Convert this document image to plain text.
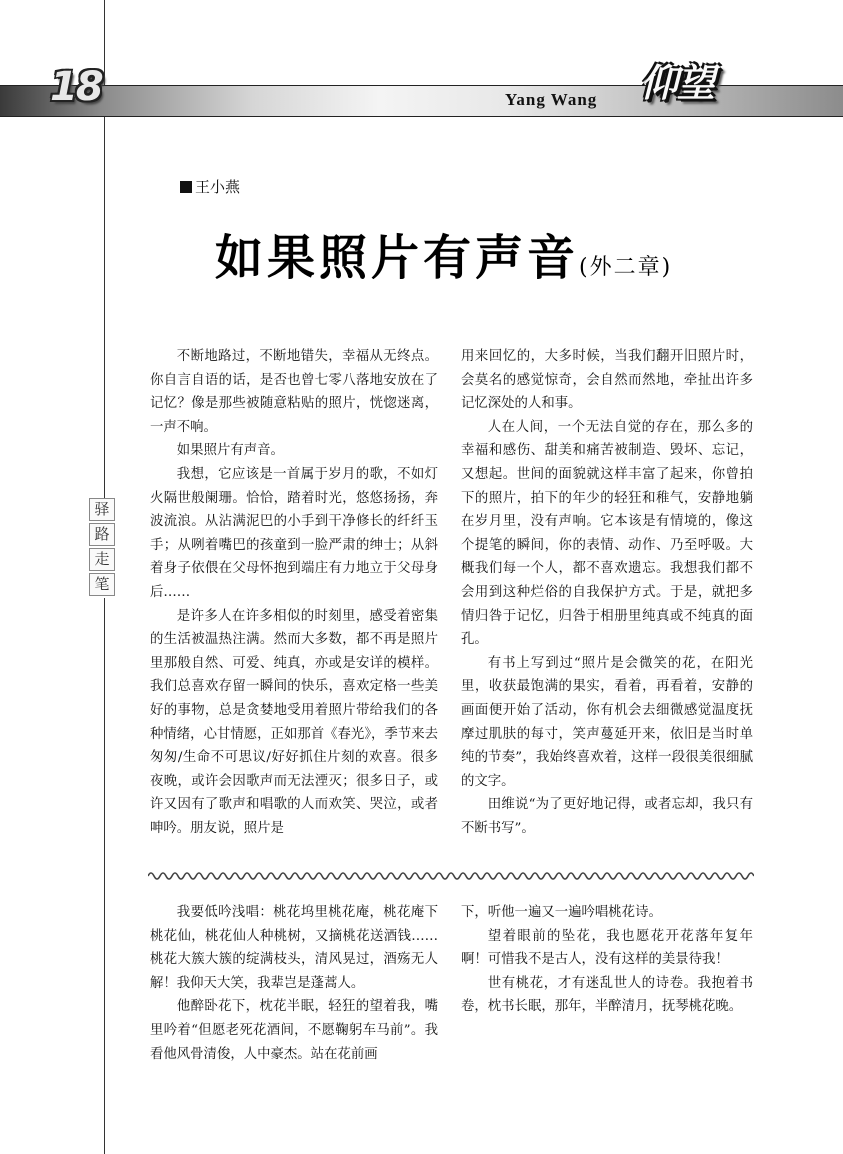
18	Yang Wang 仰望
王小燕
如果照片有声音(外二章)
驿
路
走
笔

不断地路过，不断地错失，幸福从无终点。你自言自语的话，是否也曾七零八落地安放在了记忆？像是那些被随意粘贴的照片，恍惚迷离，一声不响。

如果照片有声音。

我想，它应该是一首属于岁月的歌，不如灯火隔世般阑珊。恰恰，踏着时光，悠悠扬扬，奔波流浪。从沾满泥巴的小手到干净修长的纤纤玉手；从咧着嘴巴的孩童到一脸严肃的绅士；从斜着身子依偎在父母怀抱到端庄有力地立于父母身后……

是许多人在许多相似的时刻里，感受着密集的生活被温热注满。然而大多数，都不再是照片里那般自然、可爱、纯真，亦或是安详的模样。我们总喜欢存留一瞬间的快乐，喜欢定格一些美好的事物，总是贪婪地受用着照片带给我们的各种情绪，心甘情愿，正如那首《春光》，季节来去匆匆/生命不可思议/好好抓住片刻的欢喜。很多夜晚，或许会因歌声而无法湮灭；很多日子，或许又因有了歌声和唱歌的人而欢笑、哭泣，或者呻吟。朋友说，照片是

用来回忆的，大多时候，当我们翻开旧照片时，会莫名的感觉惊奇，会自然而然地，牵扯出许多记忆深处的人和事。

人在人间，一个无法自觉的存在，那么多的幸福和感伤、甜美和痛苦被制造、毁坏、忘记，又想起。世间的面貌就这样丰富了起来，你曾拍下的照片，拍下的年少的轻狂和稚气，安静地躺在岁月里，没有声响。它本该是有情境的，像这个提笔的瞬间，你的表情、动作、乃至呼吸。大概我们每一个人，都不喜欢遗忘。我想我们都不会用到这种烂俗的自我保护方式。于是，就把多情归咎于记忆，归咎于相册里纯真或不纯真的面孔。

有书上写到过“照片是会微笑的花，在阳光里，收获最饱满的果实，看着，再看着，安静的画面便开始了活动，你有机会去细微感觉温度抚摩过肌肤的每寸，笑声蔓延开来，依旧是当时单纯的节奏”，我始终喜欢着，这样一段很美很细腻的文字。

田维说“为了更好地记得，或者忘却，我只有不断书写”。

我要低吟浅唱：桃花坞里桃花庵，桃花庵下桃花仙，桃花仙人种桃树，又摘桃花送酒钱……桃花大簇大簇的绽满枝头，清风晃过，酒殇无人解！我仰天大笑，我辈岂是蓬蒿人。

他醉卧花下，枕花半眠，轻狂的望着我，嘴里吟着“但愿老死花酒间，不愿鞠躬车马前”。我看他风骨清俊，人中豪杰。站在花前画

下，听他一遍又一遍吟唱桃花诗。

望着眼前的坠花，我也愿花开花落年复年啊！可惜我不是古人，没有这样的美景待我！

世有桃花，才有迷乱世人的诗卷。我抱着书卷，枕书长眠，那年，半醉清月，抚琴桃花晚。
